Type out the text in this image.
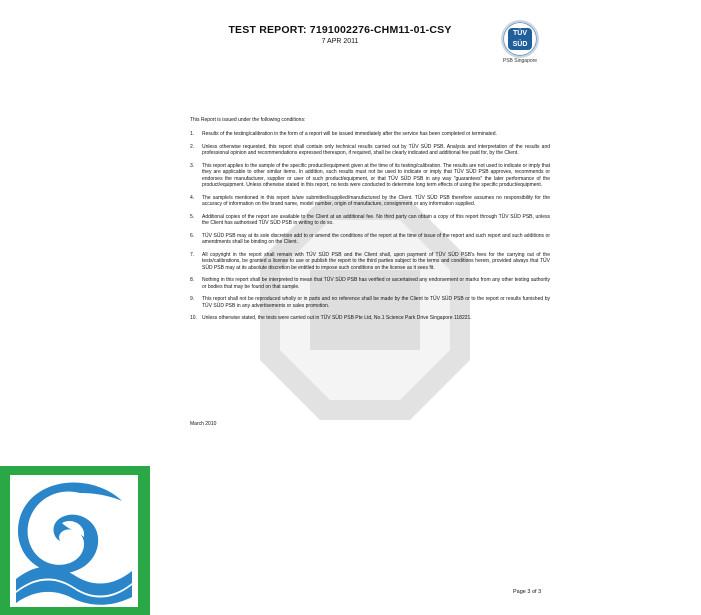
TEST REPORT: 7191002276-CHM11-01-CSY
7 APR 2011
TÜV SÜD
PSB Singapore
This Report is issued under the following conditions:
1.	Results of the testing/calibration in the form of a report will be issued immediately after the service has been completed or terminated.
2.	Unless otherwise requested, this report shall contain only technical results carried out by TÜV SÜD PSB. Analysis and interpretation of the results and professional opinion and recommendations expressed thereupon, if required, shall be clearly indicated and additional fee paid for, by the Client.
3.	This report applies to the sample of the specific product/equipment given at the time of its testing/calibration. The results are not used to indicate or imply that they are applicable to other similar items. In addition, such results must not be used to indicate or imply that TÜV SÜD PSB approves, recommends or endorses the manufacturer, supplier or user of such product/equipment, or that TÜV SÜD PSB in any way "guarantees" the later performance of the product/equipment. Unless otherwise stated in this report, no tests were conducted to determine long term effects of using the specific product/equipment.
4.	The sample/s mentioned in this report is/are submitted/supplied/manufactured by the Client. TÜV SÜD PSB therefore assumes no responsibility for the accuracy of information on the brand name, model number, origin of manufacture, consignment or any information supplied.
5.	Additional copies of the report are available to the Client at an additional fee. No third party can obtain a copy of this report through TÜV SÜD PSB, unless the Client has authorised TÜV SÜD PSB in writing to do so.
6.	TÜV SÜD PSB may at its sole discretion add to or amend the conditions of the report at the time of issue of the report and such report and such additions or amendments shall be binding on the Client.
7.	All copyright in the report shall remain with TÜV SÜD PSB and the Client shall, upon payment of TÜV SÜD PSB's fees for the carrying out of the tests/calibrations, be granted a license to use or publish the report to the third parties subject to the terms and conditions herein, provided always that TÜV SÜD PSB may at its absolute discretion be entitled to impose such conditions on the license as it sees fit.
8.	Nothing in this report shall be interpreted to mean that TÜV SÜD PSB has verified or ascertained any endorsement or marks from any other testing authority or bodies that may be found on that sample.
9.	This report shall not be reproduced wholly or in parts and no reference shall be made by the Client to TÜV SÜD PSB or to the report or results furnished by TÜV SÜD PSB in any advertisements or sales promotion.
10.	Unless otherwise stated, the tests were carried out in TÜV SÜD PSB Pte Ltd, No.1 Science Park Drive Singapore 118221.
March 2010
Page 3 of 3
